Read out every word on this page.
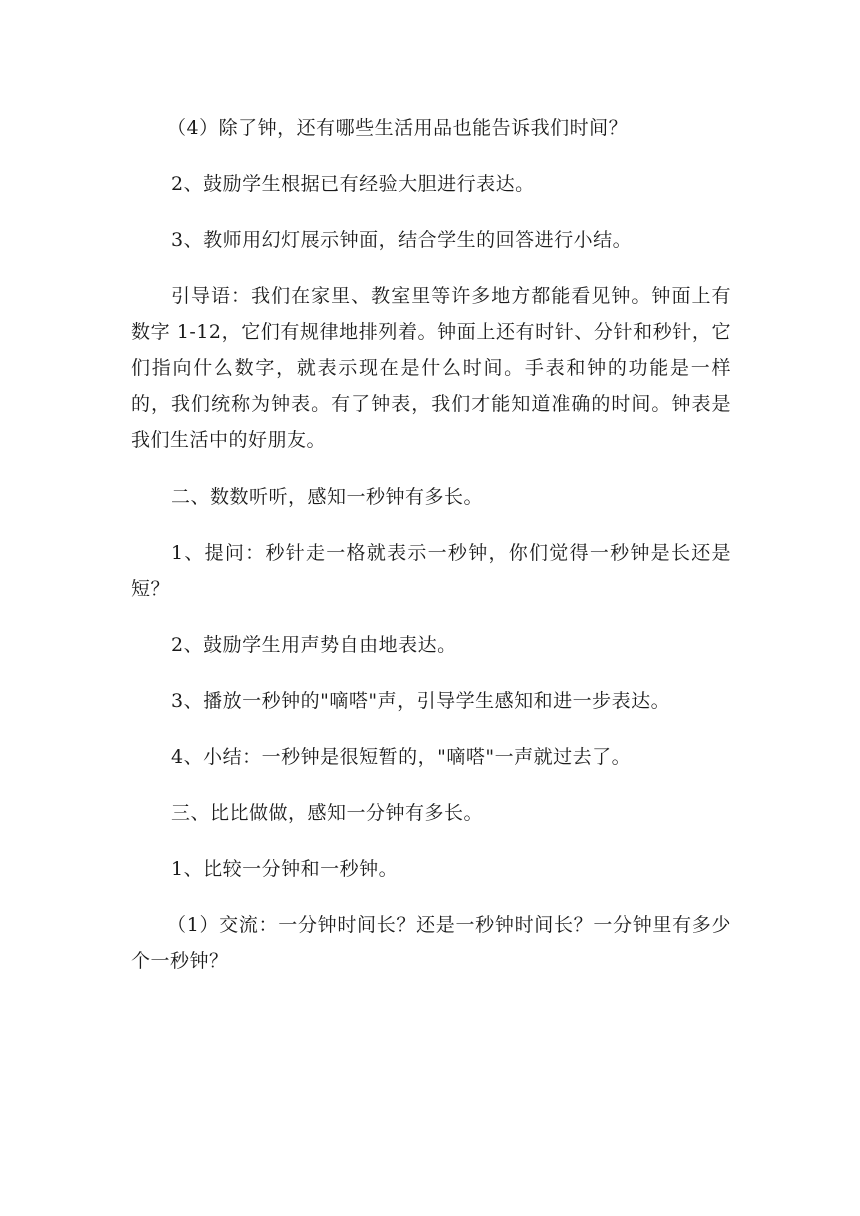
（4）除了钟，还有哪些生活用品也能告诉我们时间？

2、鼓励学生根据已有经验大胆进行表达。

3、教师用幻灯展示钟面，结合学生的回答进行小结。

引导语：我们在家里、教室里等许多地方都能看见钟。钟面上有数字 1-12，它们有规律地排列着。钟面上还有时针、分针和秒针，它们指向什么数字，就表示现在是什么时间。手表和钟的功能是一样的，我们统称为钟表。有了钟表，我们才能知道准确的时间。钟表是我们生活中的好朋友。

二、数数听听，感知一秒钟有多长。

1、提问：秒针走一格就表示一秒钟，你们觉得一秒钟是长还是短？

2、鼓励学生用声势自由地表达。

3、播放一秒钟的"嘀嗒"声，引导学生感知和进一步表达。

4、小结：一秒钟是很短暂的，"嘀嗒"一声就过去了。

三、比比做做，感知一分钟有多长。

1、比较一分钟和一秒钟。

（1）交流：一分钟时间长？还是一秒钟时间长？一分钟里有多少个一秒钟？
